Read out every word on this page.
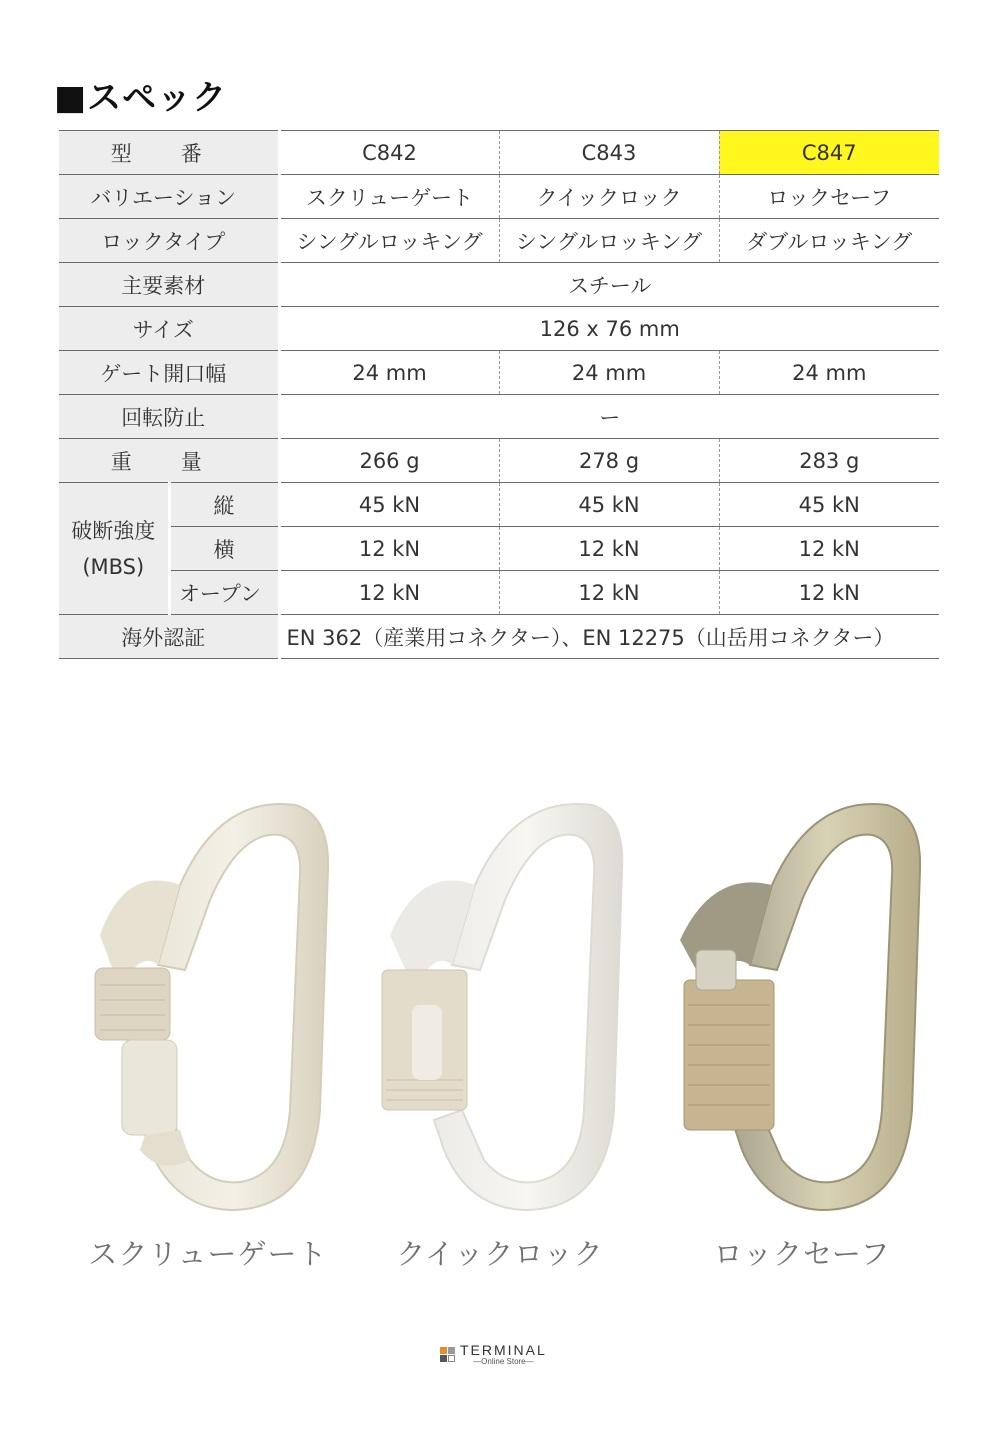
■スペック
型　番		C842	C843	C847
バリエーション		スクリューゲート	クイックロック	ロックセーフ
ロックタイプ		シングルロッキング	シングルロッキング	ダブルロッキング
主要素材		スチール		
サイズ		126 x 76 mm		
ゲート開口幅		24 mm	24 mm	24 mm
回転防止		ー		
重　量		266 g	278 g	283 g

破断強度
(MBS)	縦	45 kN	45 kN	45 kN
	横	12 kN	12 kN	12 kN
	オープン	12 kN	12 kN	12 kN
海外認証		EN 362（産業用コネクター）、EN 12275（山岳用コネクター）		
スクリューゲート	クイックロック	ロックセーフ
TERMINAL
—Online Store—
